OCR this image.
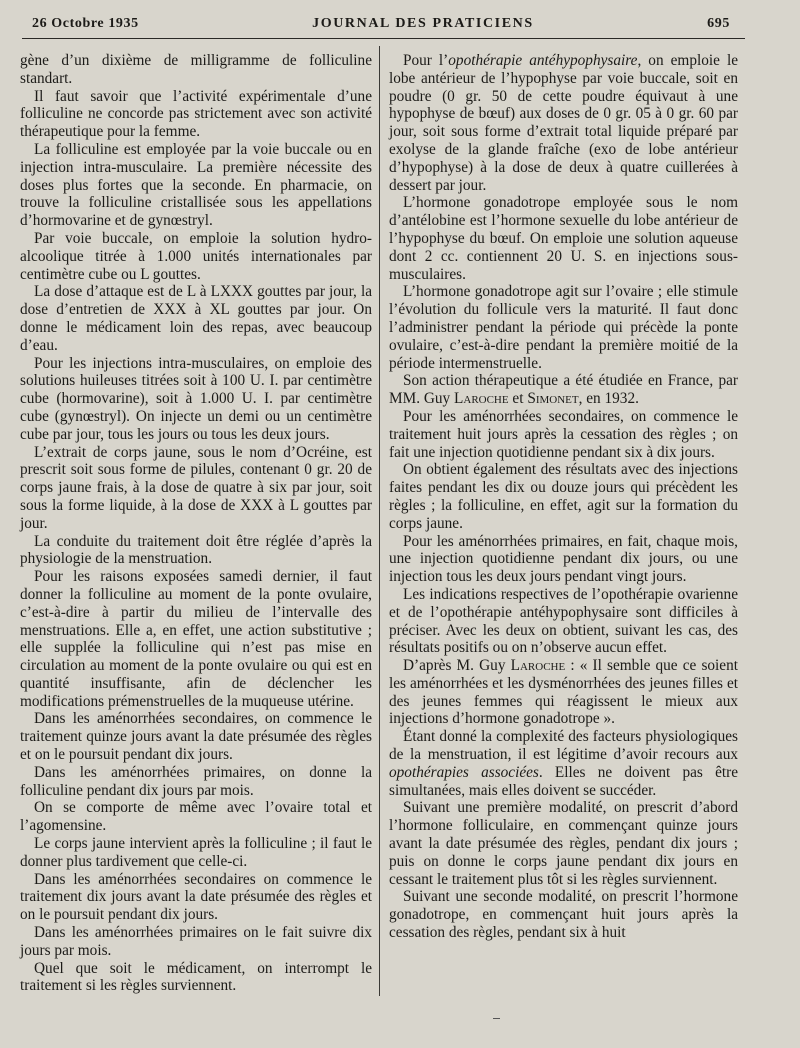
26 Octobre 1935	JOURNAL DES PRATICIENS	695

gène d’un dixième de milligramme de folliculine standart.

Il faut savoir que l’activité expérimentale d’une folliculine ne concorde pas strictement avec son activité thérapeutique pour la femme.

La folliculine est employée par la voie buccale ou en injection intra-musculaire. La première nécessite des doses plus fortes que la seconde. En pharmacie, on trouve la folliculine cristallisée sous les appellations d’hormovarine et de gynœstryl.

Par voie buccale, on emploie la solution hydro-alcoolique titrée à 1.000 unités internationales par centimètre cube ou L gouttes.

La dose d’attaque est de L à LXXX gouttes par jour, la dose d’entretien de XXX à XL gouttes par jour. On donne le médicament loin des repas, avec beaucoup d’eau.

Pour les injections intra-musculaires, on emploie des solutions huileuses titrées soit à 100 U. I. par centimètre cube (hormovarine), soit à 1.000 U. I. par centimètre cube (gynœstryl). On injecte un demi ou un centimètre cube par jour, tous les jours ou tous les deux jours.

L’extrait de corps jaune, sous le nom d’Ocréine, est prescrit soit sous forme de pilules, contenant 0 gr. 20 de corps jaune frais, à la dose de quatre à six par jour, soit sous la forme liquide, à la dose de XXX à L gouttes par jour.

La conduite du traitement doit être réglée d’après la physiologie de la menstruation.

Pour les raisons exposées samedi dernier, il faut donner la folliculine au moment de la ponte ovulaire, c’est-à-dire à partir du milieu de l’intervalle des menstruations. Elle a, en effet, une action substitutive ; elle supplée la folliculine qui n’est pas mise en circulation au moment de la ponte ovulaire ou qui est en quantité insuffisante, afin de déclencher les modifications prémenstruelles de la muqueuse utérine.

Dans les aménorrhées secondaires, on commence le traitement quinze jours avant la date présumée des règles et on le poursuit pendant dix jours.

Dans les aménorrhées primaires, on donne la folliculine pendant dix jours par mois.

On se comporte de même avec l’ovaire total et l’agomensine.

Le corps jaune intervient après la folliculine ; il faut le donner plus tardivement que celle-ci.

Dans les aménorrhées secondaires on commence le traitement dix jours avant la date présumée des règles et on le poursuit pendant dix jours.

Dans les aménorrhées primaires on le fait suivre dix jours par mois.

Quel que soit le médicament, on interrompt le traitement si les règles surviennent.

Pour l’opothérapie antéhypophysaire, on emploie le lobe antérieur de l’hypophyse par voie buccale, soit en poudre (0 gr. 50 de cette poudre équivaut à une hypophyse de bœuf) aux doses de 0 gr. 05 à 0 gr. 60 par jour, soit sous forme d’extrait total liquide préparé par exolyse de la glande fraîche (exo de lobe antérieur d’hypophyse) à la dose de deux à quatre cuillerées à dessert par jour.

L’hormone gonadotrope employée sous le nom d’antélobine est l’hormone sexuelle du lobe antérieur de l’hypophyse du bœuf. On emploie une solution aqueuse dont 2 cc. contiennent 20 U. S. en injections sous-musculaires.

L’hormone gonadotrope agit sur l’ovaire ; elle stimule l’évolution du follicule vers la maturité. Il faut donc l’administrer pendant la période qui précède la ponte ovulaire, c’est-à-dire pendant la première moitié de la période intermenstruelle.

Son action thérapeutique a été étudiée en France, par MM. Guy Laroche et Simonet, en 1932.

Pour les aménorrhées secondaires, on commence le traitement huit jours après la cessation des règles ; on fait une injection quotidienne pendant six à dix jours.

On obtient également des résultats avec des injections faites pendant les dix ou douze jours qui précèdent les règles ; la folliculine, en effet, agit sur la formation du corps jaune.

Pour les aménorrhées primaires, en fait, chaque mois, une injection quotidienne pendant dix jours, ou une injection tous les deux jours pendant vingt jours.

Les indications respectives de l’opothérapie ovarienne et de l’opothérapie antéhypophysaire sont difficiles à préciser. Avec les deux on obtient, suivant les cas, des résultats positifs ou on n’observe aucun effet.

D’après M. Guy Laroche : « Il semble que ce soient les aménorrhées et les dysménorrhées des jeunes filles et des jeunes femmes qui réagissent le mieux aux injections d’hormone gonadotrope ».

Étant donné la complexité des facteurs physiologiques de la menstruation, il est légitime d’avoir recours aux opothérapies associées. Elles ne doivent pas être simultanées, mais elles doivent se succéder.

Suivant une première modalité, on prescrit d’abord l’hormone folliculaire, en commençant quinze jours avant la date présumée des règles, pendant dix jours ; puis on donne le corps jaune pendant dix jours en cessant le traitement plus tôt si les règles surviennent.

Suivant une seconde modalité, on prescrit l’hormone gonadotrope, en commençant huit jours après la cessation des règles, pendant six à huit
